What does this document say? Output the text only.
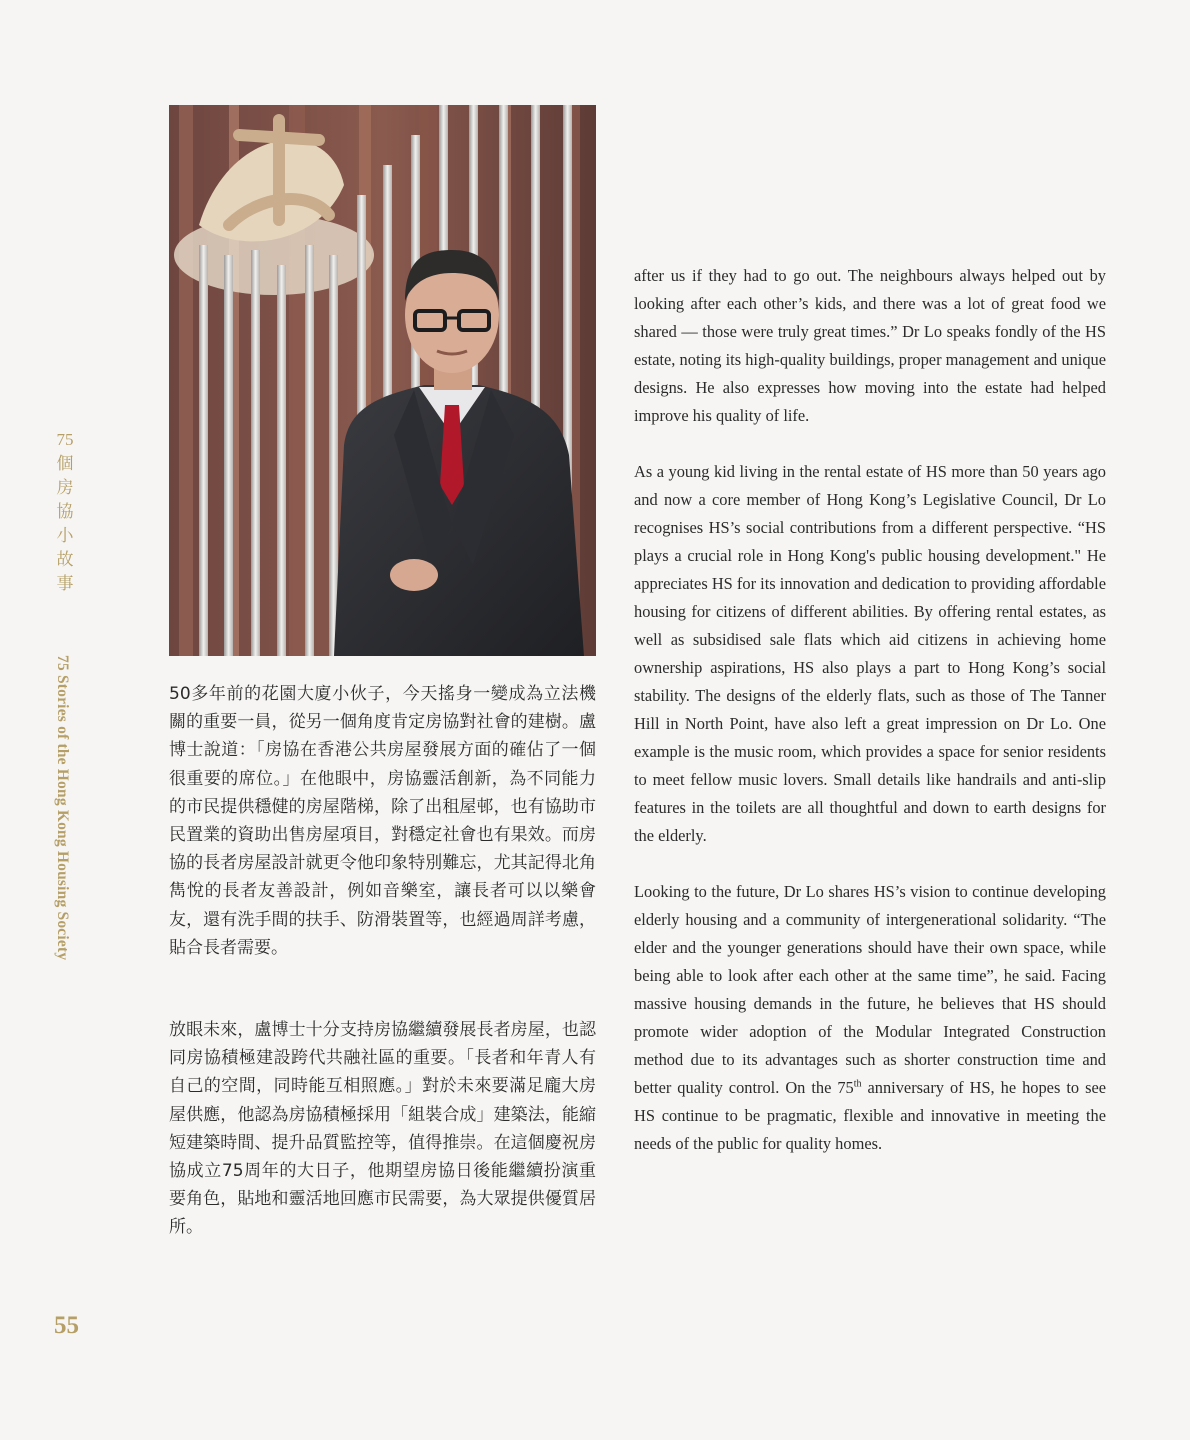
75
個
房
協
小
故
事
75 Stories of the Hong Kong Housing Society
55

50多年前的花園大廈小伙子，今天搖身一變成為立法機關的重要一員，從另一個角度肯定房協對社會的建樹。盧博士說道：「房協在香港公共房屋發展方面的確佔了一個很重要的席位。」在他眼中，房協靈活創新，為不同能力的市民提供穩健的房屋階梯，除了出租屋邨，也有協助市民置業的資助出售房屋項目，對穩定社會也有果效。而房協的長者房屋設計就更令他印象特別難忘，尤其記得北角雋悅的長者友善設計，例如音樂室，讓長者可以以樂會友，還有洗手間的扶手、防滑裝置等，也經過周詳考慮，貼合長者需要。

放眼未來，盧博士十分支持房協繼續發展長者房屋，也認同房協積極建設跨代共融社區的重要。「長者和年青人有自己的空間，同時能互相照應。」對於未來要滿足龐大房屋供應，他認為房協積極採用「組裝合成」建築法，能縮短建築時間、提升品質監控等，值得推崇。在這個慶祝房協成立75周年的大日子，他期望房協日後能繼續扮演重要角色，貼地和靈活地回應市民需要，為大眾提供優質居所。

after us if they had to go out. The neighbours always helped out by looking after each other’s kids, and there was a lot of great food we shared — those were truly great times.” Dr Lo speaks fondly of the HS estate, noting its high-quality buildings, proper management and unique designs. He also expresses how moving into the estate had helped improve his quality of life.

As a young kid living in the rental estate of HS more than 50 years ago and now a core member of Hong Kong’s Legislative Council, Dr Lo recognises HS’s social contributions from a different perspective. “HS plays a crucial role in Hong Kong's public housing development." He appreciates HS for its innovation and dedication to providing affordable housing for citizens of different abilities. By offering rental estates, as well as subsidised sale flats which aid citizens in achieving home ownership aspirations, HS also plays a part to Hong Kong’s social stability. The designs of the elderly flats, such as those of The Tanner Hill in North Point, have also left a great impression on Dr Lo. One example is the music room, which provides a space for senior residents to meet fellow music lovers. Small details like handrails and anti-slip features in the toilets are all thoughtful and down to earth designs for the elderly.

Looking to the future, Dr Lo shares HS’s vision to continue developing elderly housing and a community of intergenerational solidarity. “The elder and the younger generations should have their own space, while being able to look after each other at the same time”, he said. Facing massive housing demands in the future, he believes that HS should promote wider adoption of the Modular Integrated Construction method due to its advantages such as shorter construction time and better quality control. On the 75th anniversary of HS, he hopes to see HS continue to be pragmatic, flexible and innovative in meeting the needs of the public for quality homes.
